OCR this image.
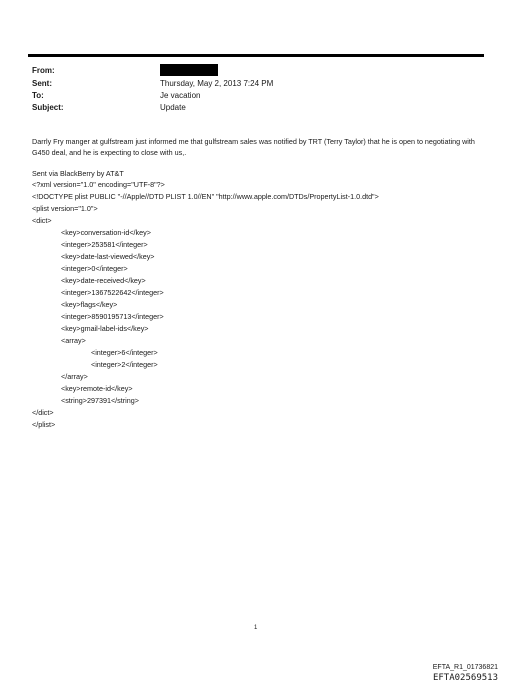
From:
Sent:
To:
Subject:
Thursday, May 2, 2013 7:24 PM
Je vacation
Update
Darrly Fry manger at gulfstream just informed me that gulfstream sales was notified by TRT (Terry Taylor) that he is open to negotiating with G450 deal, and he is expecting to close with us,.
Sent via BlackBerry by AT&T
<?xml version="1.0" encoding="UTF-8"?>
<!DOCTYPE plist PUBLIC "-//Apple//DTD PLIST 1.0//EN" "http://www.apple.com/DTDs/PropertyList-1.0.dtd">
<plist version="1.0">
<dict>
<key>conversation-id</key>
<integer>253581</integer>
<key>date-last-viewed</key>
<integer>0</integer>
<key>date-received</key>
<integer>1367522642</integer>
<key>flags</key>
<integer>8590195713</integer>
<key>gmail-label-ids</key>
<array>
<integer>6</integer>
<integer>2</integer>
</array>
<key>remote-id</key>
<string>297391</string>
</dict>
</plist>
1
EFTA_R1_01736821
EFTA02569513
